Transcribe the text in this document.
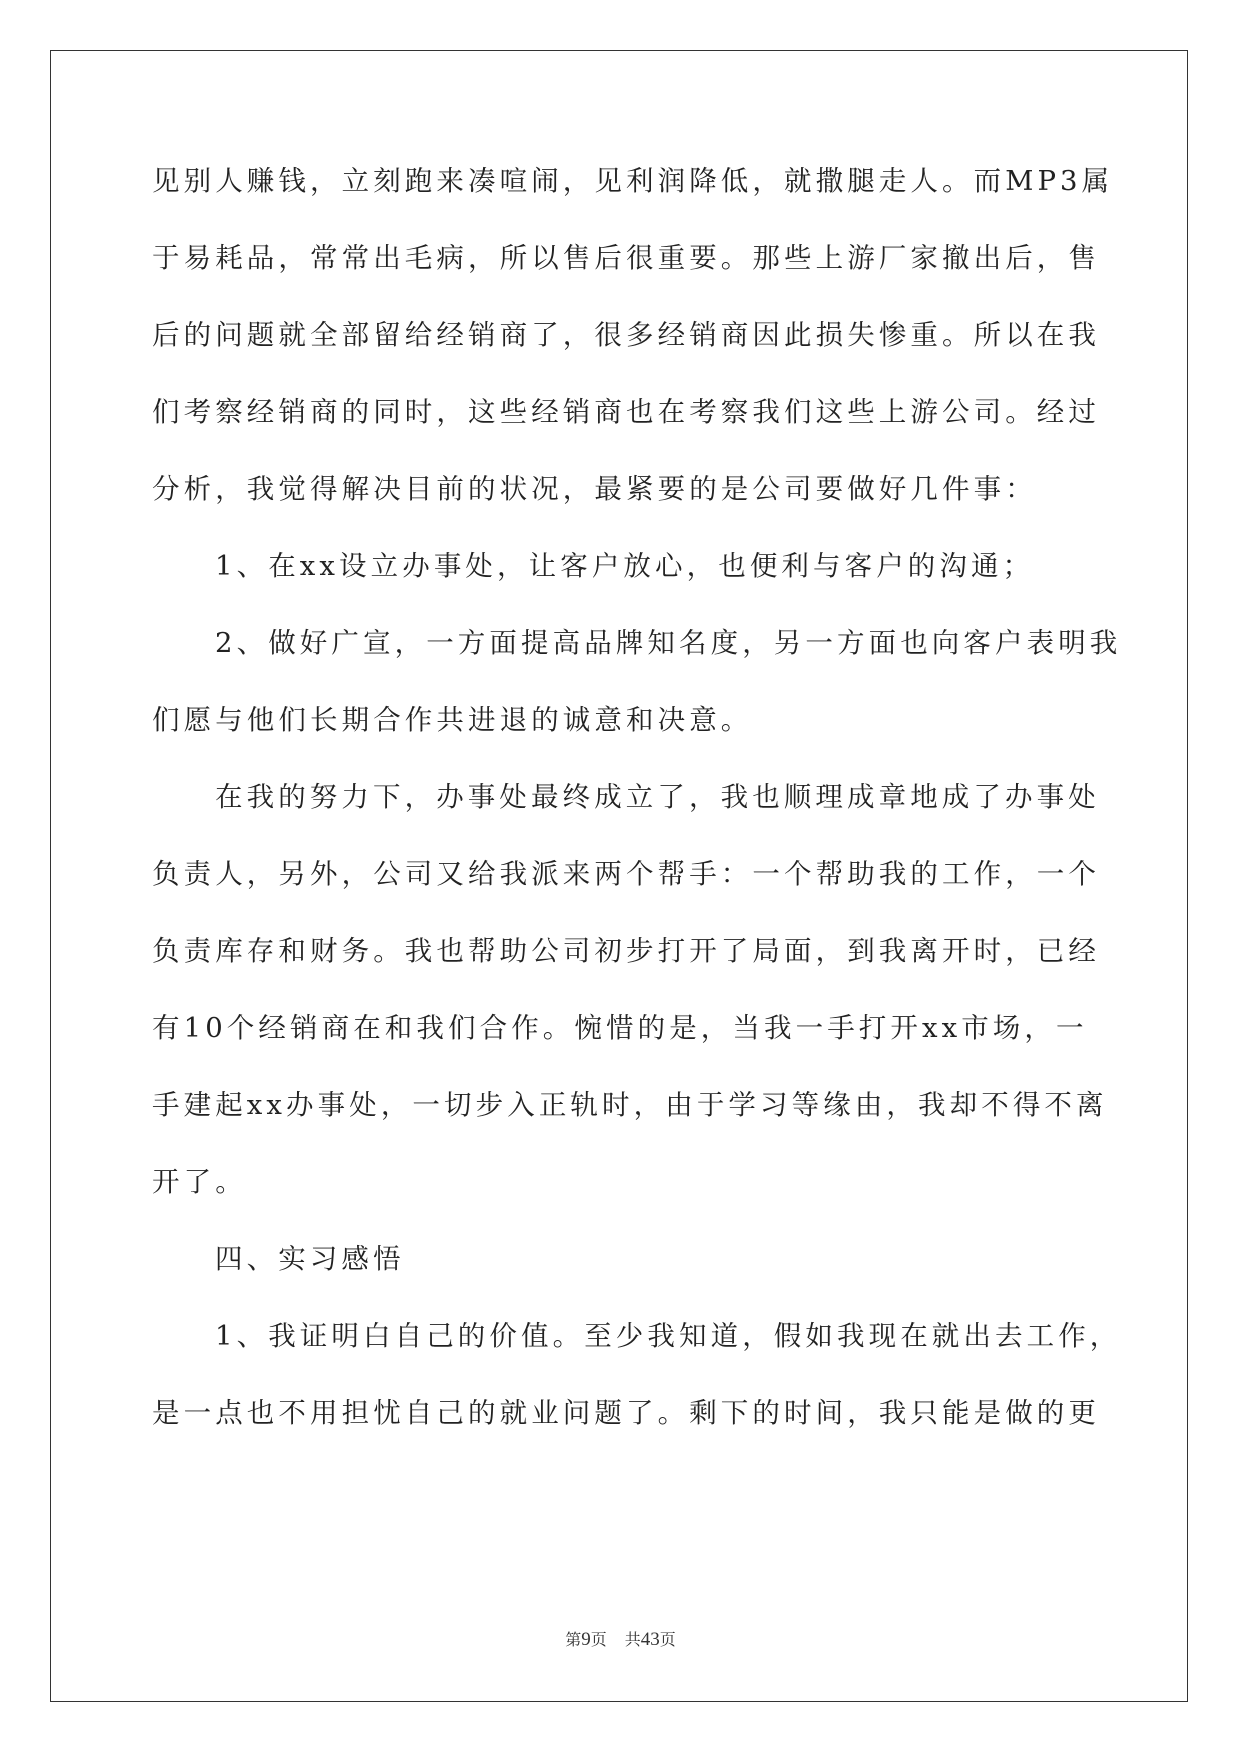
见别人赚钱，立刻跑来凑喧闹，见利润降低，就撒腿走人。而MP3属
于易耗品，常常出毛病，所以售后很重要。那些上游厂家撤出后，售
后的问题就全部留给经销商了，很多经销商因此损失惨重。所以在我
们考察经销商的同时，这些经销商也在考察我们这些上游公司。经过
分析，我觉得解决目前的状况，最紧要的是公司要做好几件事：
1、在xx设立办事处，让客户放心，也便利与客户的沟通；
2、做好广宣，一方面提高品牌知名度，另一方面也向客户表明我
们愿与他们长期合作共进退的诚意和决意。
在我的努力下，办事处最终成立了，我也顺理成章地成了办事处
负责人，另外，公司又给我派来两个帮手：一个帮助我的工作，一个
负责库存和财务。我也帮助公司初步打开了局面，到我离开时，已经
有10个经销商在和我们合作。惋惜的是，当我一手打开xx市场，一
手建起xx办事处，一切步入正轨时，由于学习等缘由，我却不得不离
开了。
四、实习感悟
1、我证明白自己的价值。至少我知道，假如我现在就出去工作，
是一点也不用担忧自己的就业问题了。剩下的时间，我只能是做的更
第9页 共43页
